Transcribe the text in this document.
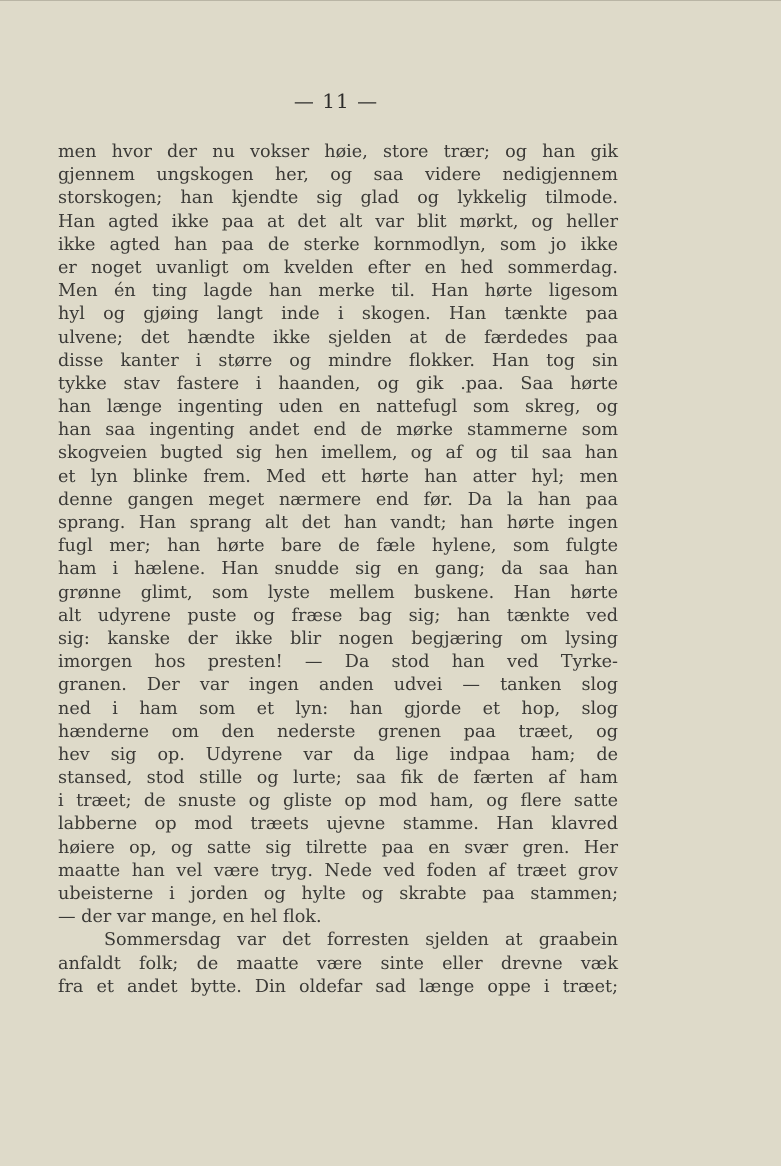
— 11 —
men hvor der nu vokser høie, store trær; og han gik
gjennem ungskogen her, og saa videre nedigjennem
storskogen; han kjendte sig glad og lykkelig tilmode.
Han agted ikke paa at det alt var blit mørkt, og heller
ikke agted han paa de sterke kornmodlyn, som jo ikke
er noget uvanligt om kvelden efter en hed sommerdag.
Men én ting lagde han merke til. Han hørte ligesom
hyl og gjøing langt inde i skogen. Han tænkte paa
ulvene; det hændte ikke sjelden at de færdedes paa
disse kanter i større og mindre flokker. Han tog sin
tykke stav fastere i haanden, og gik .paa. Saa hørte
han længe ingenting uden en nattefugl som skreg, og
han saa ingenting andet end de mørke stammerne som
skogveien bugted sig hen imellem, og af og til saa han
et lyn blinke frem. Med ett hørte han atter hyl; men
denne gangen meget nærmere end før. Da la han paa
sprang. Han sprang alt det han vandt; han hørte ingen
fugl mer; han hørte bare de fæle hylene, som fulgte
ham i hælene. Han snudde sig en gang; da saa han
grønne glimt, som lyste mellem buskene. Han hørte
alt udyrene puste og fræse bag sig; han tænkte ved
sig: kanske der ikke blir nogen begjæring om lysing
imorgen hos presten! — Da stod han ved Tyrke-
granen. Der var ingen anden udvei — tanken slog
ned i ham som et lyn: han gjorde et hop, slog
hænderne om den nederste grenen paa træet, og
hev sig op. Udyrene var da lige indpaa ham; de
stansed, stod stille og lurte; saa fik de færten af ham
i træet; de snuste og gliste op mod ham, og flere satte
labberne op mod træets ujevne stamme. Han klavred
høiere op, og satte sig tilrette paa en svær gren. Her
maatte han vel være tryg. Nede ved foden af træet grov
ubeisterne i jorden og hylte og skrabte paa stammen;
— der var mange, en hel flok.
Sommersdag var det forresten sjelden at graabein
anfaldt folk; de maatte være sinte eller drevne væk
fra et andet bytte. Din oldefar sad længe oppe i træet;
